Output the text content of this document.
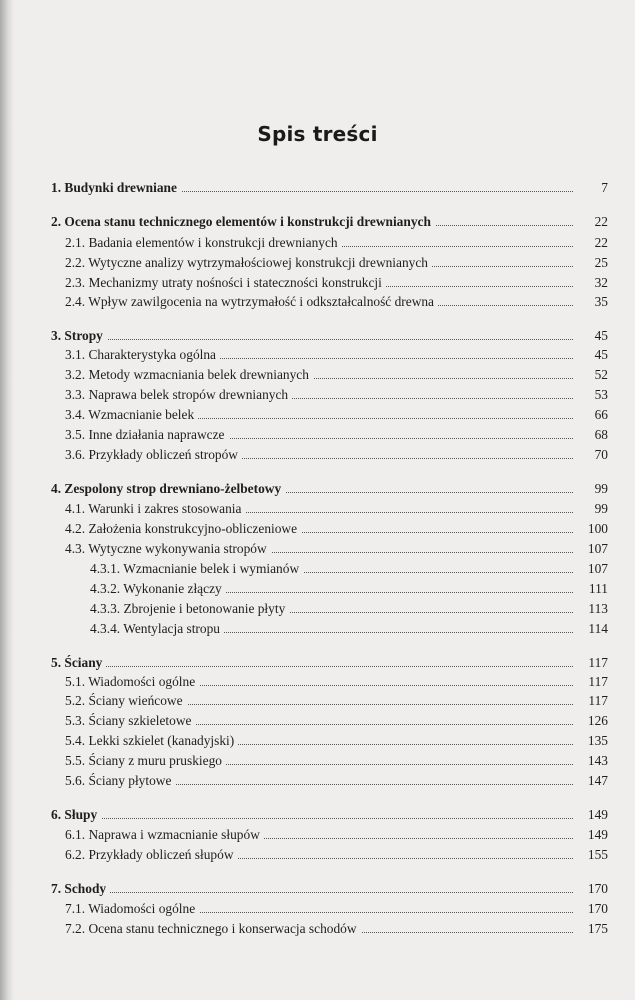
Spis treści
1. Budynki drewniane	7
2. Ocena stanu technicznego elementów i konstrukcji drewnianych	22
2.1. Badania elementów i konstrukcji drewnianych	22
2.2. Wytyczne analizy wytrzymałościowej konstrukcji drewnianych	25
2.3. Mechanizmy utraty nośności i stateczności konstrukcji	32
2.4. Wpływ zawilgocenia na wytrzymałość i odkształcalność drewna	35
3. Stropy	45
3.1. Charakterystyka ogólna	45
3.2. Metody wzmacniania belek drewnianych	52
3.3. Naprawa belek stropów drewnianych	53
3.4. Wzmacnianie belek	66
3.5. Inne działania naprawcze	68
3.6. Przykłady obliczeń stropów	70
4. Zespolony strop drewniano-żelbetowy	99
4.1. Warunki i zakres stosowania	99
4.2. Założenia konstrukcyjno-obliczeniowe	100
4.3. Wytyczne wykonywania stropów	107
4.3.1. Wzmacnianie belek i wymianów	107
4.3.2. Wykonanie złączy	111
4.3.3. Zbrojenie i betonowanie płyty	113
4.3.4. Wentylacja stropu	114
5. Ściany	117
5.1. Wiadomości ogólne	117
5.2. Ściany wieńcowe	117
5.3. Ściany szkieletowe	126
5.4. Lekki szkielet (kanadyjski)	135
5.5. Ściany z muru pruskiego	143
5.6. Ściany płytowe	147
6. Słupy	149
6.1. Naprawa i wzmacnianie słupów	149
6.2. Przykłady obliczeń słupów	155
7. Schody	170
7.1. Wiadomości ogólne	170
7.2. Ocena stanu technicznego i konserwacja schodów	175
